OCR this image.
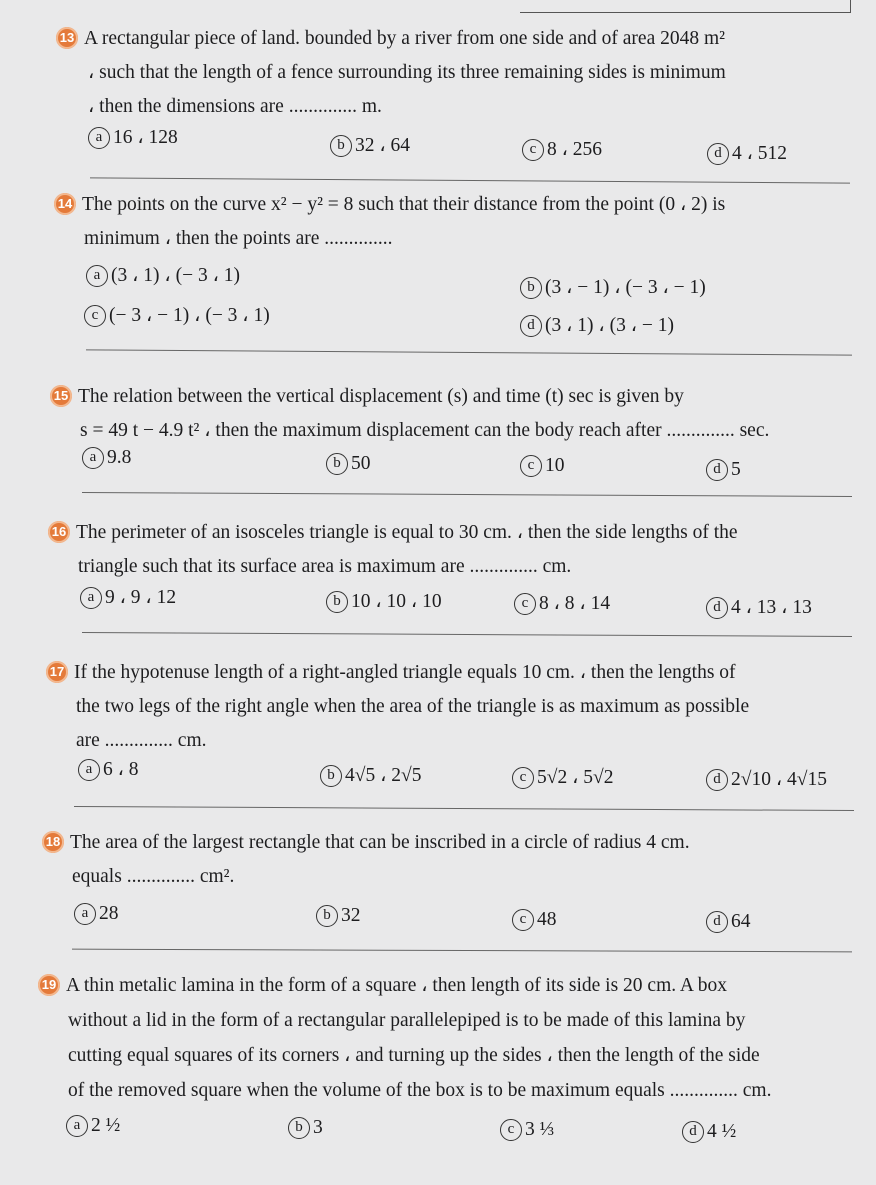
13 A rectangular piece of land. bounded by a river from one side and of area 2048 m²
، such that the length of a fence surrounding its three remaining sides is minimum
، then the dimensions are .............. m.
a 16 ، 128	b 32 ، 64	c 8 ، 256	d 4 ، 512
14 The points on the curve x² − y² = 8 such that their distance from the point (0 ، 2) is
minimum ، then the points are ..............
a (3 ، 1) ، (− 3 ، 1)
b (3 ، − 1) ، (− 3 ، − 1)
c (− 3 ، − 1) ، (− 3 ، 1)	d (3 ، 1) ، (3 ، − 1)
15 The relation between the vertical displacement (s) and time (t) sec is given by
s = 49 t − 4.9 t² ، then the maximum displacement can the body reach after .............. sec.
a 9.8	b 50	c 10	d 5
16 The perimeter of an isosceles triangle is equal to 30 cm. ، then the side lengths of the
triangle such that its surface area is maximum are .............. cm.
a 9 ، 9 ، 12	b 10 ، 10 ، 10	c 8 ، 8 ، 14	d 4 ، 13 ، 13
17 If the hypotenuse length of a right-angled triangle equals 10 cm. ، then the lengths of
the two legs of the right angle when the area of the triangle is as maximum as possible
are .............. cm.
a 6 ، 8	b 4√5 ، 2√5	c 5√2 ، 5√2	d 2√10 ، 4√15
18 The area of the largest rectangle that can be inscribed in a circle of radius 4 cm.
equals .............. cm².
a 28	b 32	c 48	d 64
19 A thin metalic lamina in the form of a square ، then length of its side is 20 cm. A box
without a lid in the form of a rectangular parallelepiped is to be made of this lamina by
cutting equal squares of its corners ، and turning up the sides ، then the length of the side
of the removed square when the volume of the box is to be maximum equals .............. cm.
a 2 ½	b 3	c 3 ⅓	d 4 ½
